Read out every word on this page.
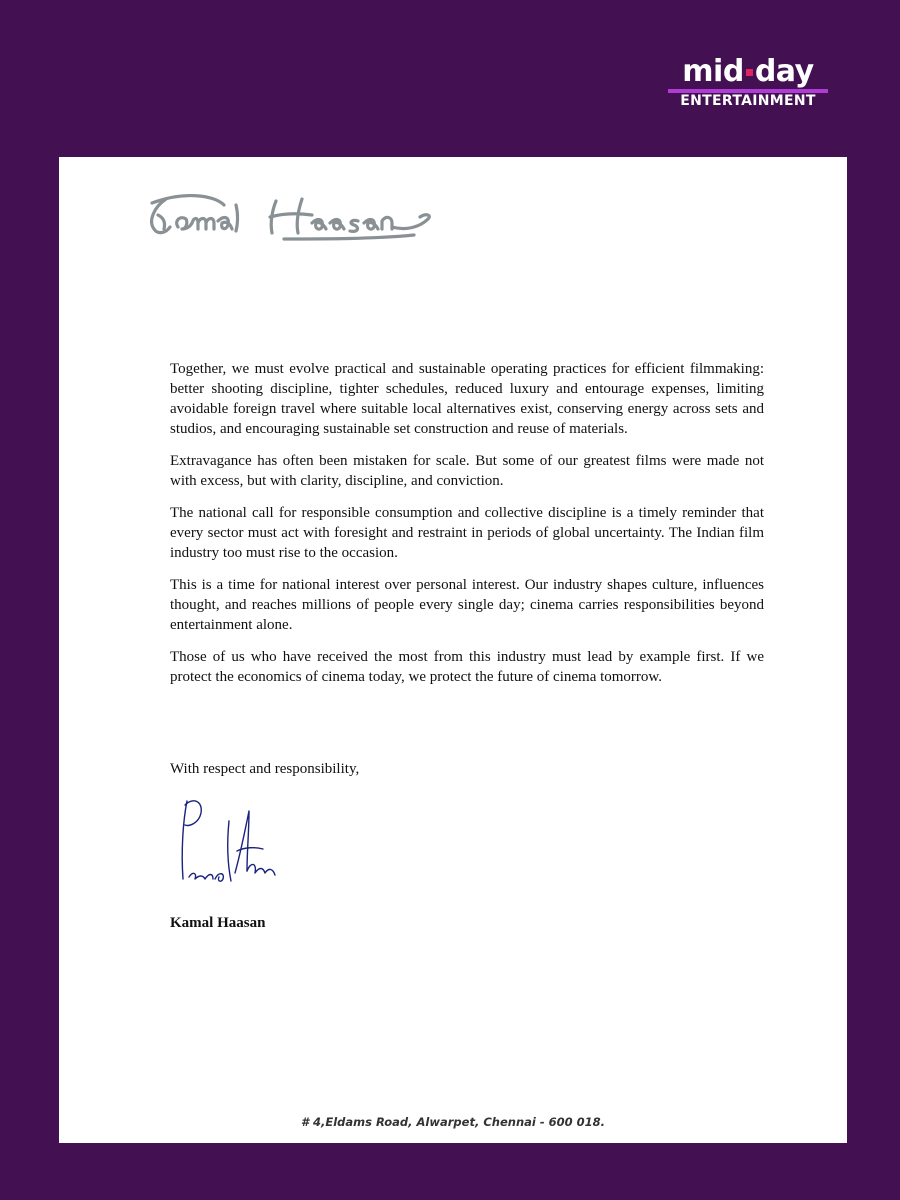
mid day
ENTERTAINMENT

Together, we must evolve practical and sustainable operating practices for efficient filmmaking: better shooting discipline, tighter schedules, reduced luxury and entourage expenses, limiting avoidable foreign travel where suitable local alternatives exist, conserving energy across sets and studios, and encouraging sustainable set construction and reuse of materials.

Extravagance has often been mistaken for scale. But some of our greatest films were made not with excess, but with clarity, discipline, and conviction.

The national call for responsible consumption and collective discipline is a timely reminder that every sector must act with foresight and restraint in periods of global uncertainty. The Indian film industry too must rise to the occasion.

This is a time for national interest over personal interest. Our industry shapes culture, influences thought, and reaches millions of people every single day; cinema carries responsibilities beyond entertainment alone.

Those of us who have received the most from this industry must lead by example first. If we protect the economics of cinema today, we protect the future of cinema tomorrow.

With respect and responsibility,
Kamal Haasan
# 4,Eldams Road, Alwarpet, Chennai - 600 018.
